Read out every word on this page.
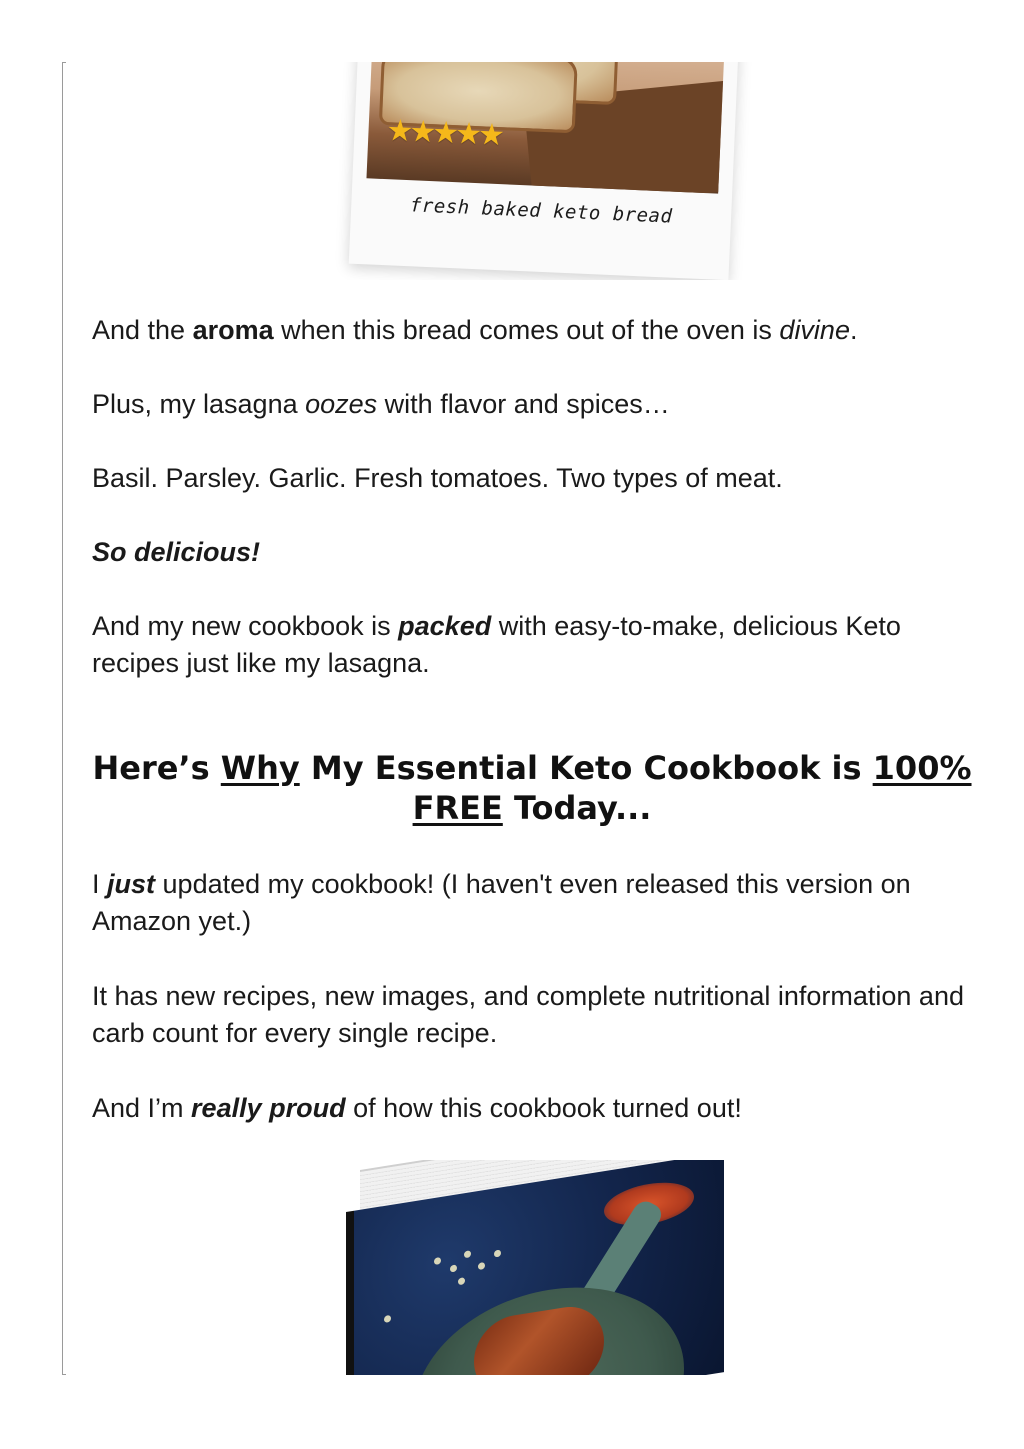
★★★★★
fresh baked keto bread

And the aroma when this bread comes out of the oven is divine.

Plus, my lasagna oozes with flavor and spices…

Basil. Parsley. Garlic. Fresh tomatoes. Two types of meat.

So delicious!

And my new cookbook is packed with easy-to-make, delicious Keto recipes just like my lasagna.

I just updated my cookbook! (I haven't even released this version on Amazon yet.)

It has new recipes, new images, and complete nutritional information and carb count for every single recipe.

And I’m really proud of how this cookbook turned out!

Here’s Why My Essential Keto Cookbook is 100% FREE Today...
